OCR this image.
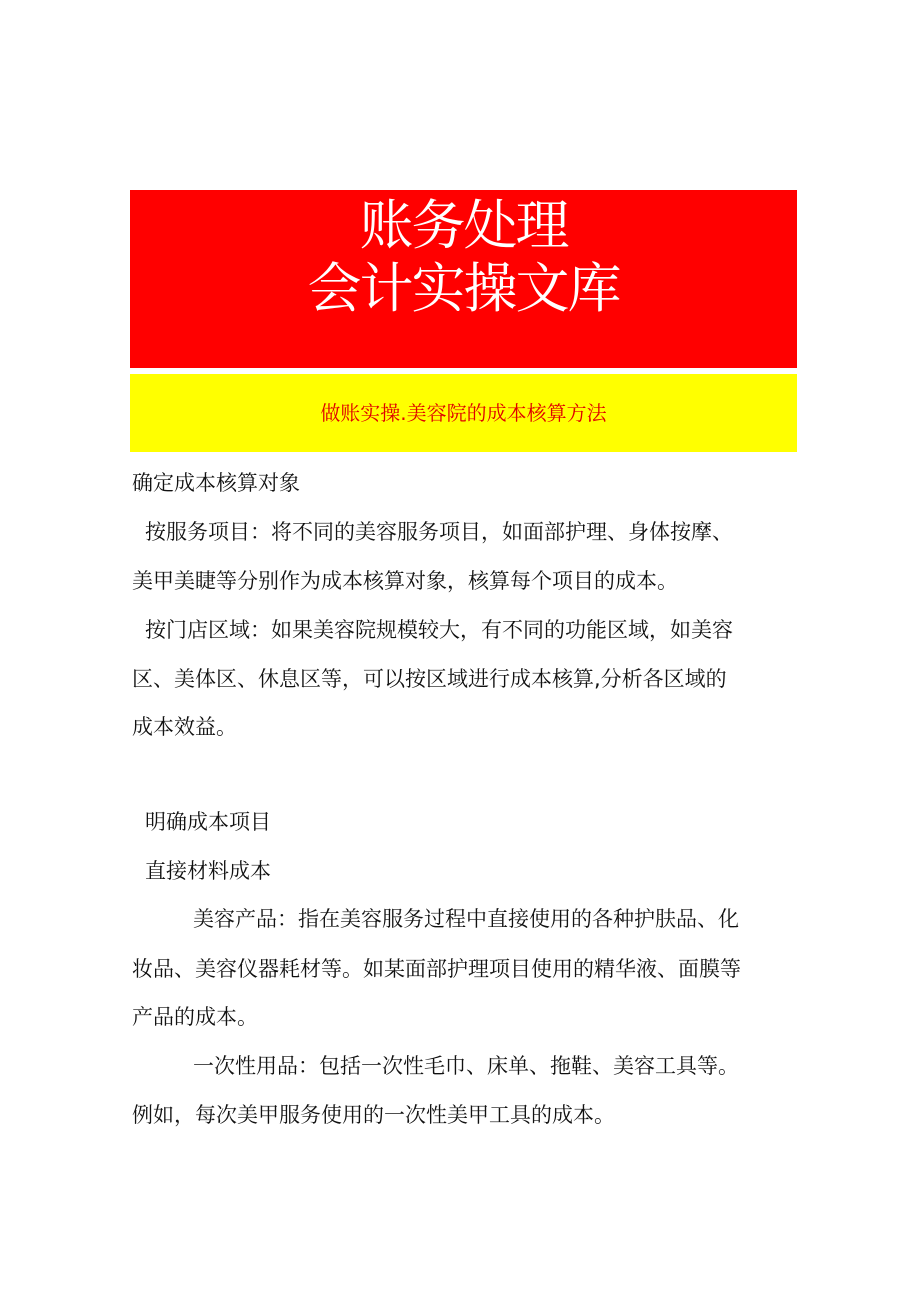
账务处理
会计实操文库
做账实操.美容院的成本核算方法
确定成本核算对象
按服务项目：将不同的美容服务项目，如面部护理、身体按摩、
美甲美睫等分别作为成本核算对象，核算每个项目的成本。
按门店区域：如果美容院规模较大，有不同的功能区域，如美容
区、美体区、休息区等，可以按区域进行成本核算,分析各区域的
成本效益。
明确成本项目
直接材料成本
美容产品：指在美容服务过程中直接使用的各种护肤品、化
妆品、美容仪器耗材等。如某面部护理项目使用的精华液、面膜等
产品的成本。
一次性用品：包括一次性毛巾、床单、拖鞋、美容工具等。
例如，每次美甲服务使用的一次性美甲工具的成本。
